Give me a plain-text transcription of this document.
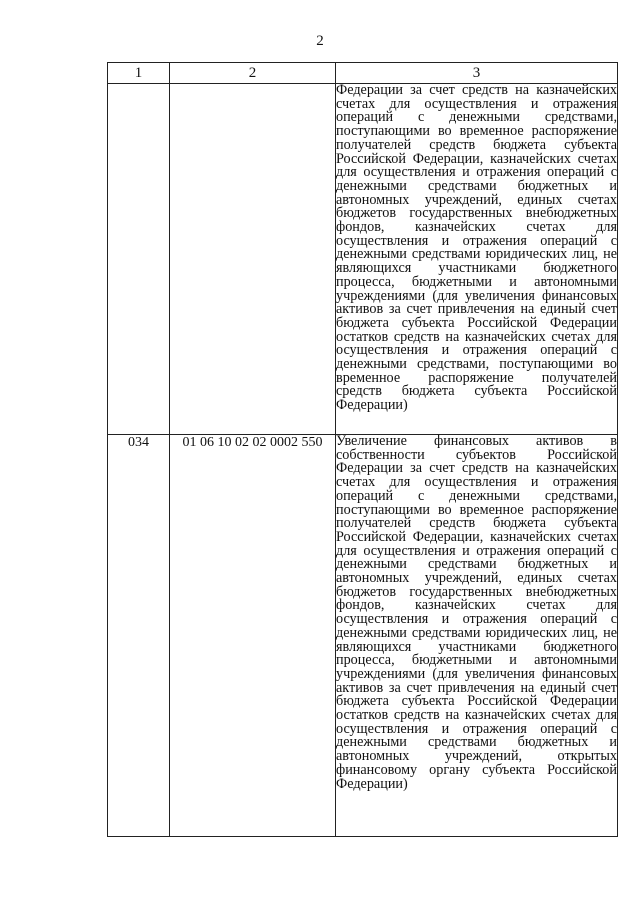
2
1	2	3
		Федерации за счет средств на казначейских счетах для осуществления и отражения операций с денежными средствами, поступающими во временное распоряжение получателей средств бюджета субъекта Российской Федерации, казначейских счетах для осуществления и отражения операций с денежными средствами бюджетных и автономных учреждений, единых счетах бюджетов государственных внебюджетных фондов, казначейских счетах для осуществления и отражения операций с денежными средствами юридических лиц, не являющихся участниками бюджетного процесса, бюджетными и автономными учреждениями (для увеличения финансовых активов за счет привлечения на единый счет бюджета субъекта Российской Федерации остатков средств на казначейских счетах для осуществления и отражения операций с денежными средствами, поступающими во временное распоряжение получателей средств бюджета субъекта Российской Федерации)
034	01 06 10 02 02 0002 550	Увеличение финансовых активов в собственности субъектов Российской Федерации за счет средств на казначейских счетах для осуществления и отражения операций с денежными средствами, поступающими во временное распоряжение получателей средств бюджета субъекта Российской Федерации, казначейских счетах для осуществления и отражения операций с денежными средствами бюджетных и автономных учреждений, единых счетах бюджетов государственных внебюджетных фондов, казначейских счетах для осуществления и отражения операций с денежными средствами юридических лиц, не являющихся участниками бюджетного процесса, бюджетными и автономными учреждениями (для увеличения финансовых активов за счет привлечения на единый счет бюджета субъекта Российской Федерации остатков средств на казначейских счетах для осуществления и отражения операций с денежными средствами бюджетных и автономных учреждений, открытых финансовому органу субъекта Российской Федерации)
